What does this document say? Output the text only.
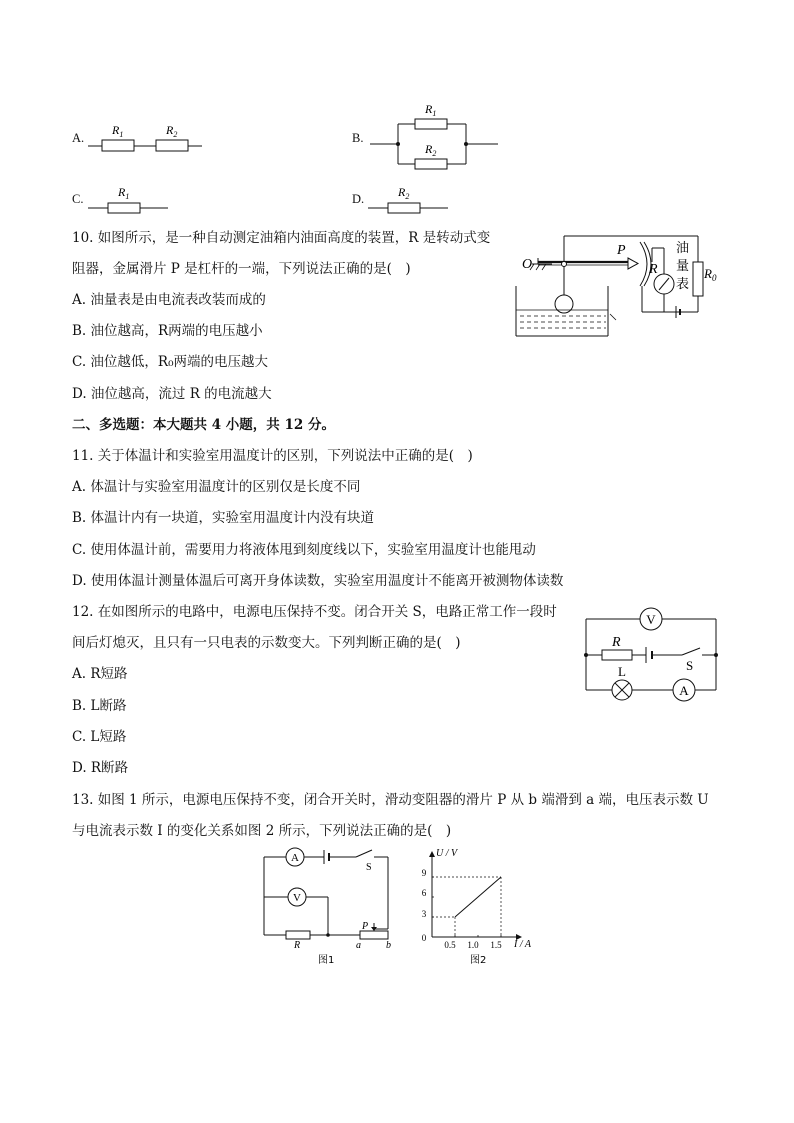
A.
$R_1$	$R_2$	B.
$R_1$
$R_2$
C.	$R_1$	D.	$R_2$
10. 如图所示，是一种自动测定油箱内油面高度的装置，R 是转动式变
阻器，金属滑片 P 是杠杆的一端，下列说法正确的是(　)
A. 油量表是由电流表改装而成的
B. 油位越高，R两端的电压越小
C. 油位越低，R₀两端的电压越大
D. 油位越高，流过 R 的电流越大
O
P
R
油
量
表
$R_0$
二、多选题：本大题共 4 小题，共 12 分。
11. 关于体温计和实验室用温度计的区别，下列说法中正确的是(　)
A. 体温计与实验室用温度计的区别仅是长度不同
B. 体温计内有一块道，实验室用温度计内没有块道
C. 使用体温计前，需要用力将液体甩到刻度线以下，实验室用温度计也能甩动
D. 使用体温计测量体温后可离开身体读数，实验室用温度计不能离开被测物体读数
12. 在如图所示的电路中，电源电压保持不变。闭合开关 S，电路正常工作一段时
间后灯熄灭，且只有一只电表的示数变大。下列判断正确的是(　)
A. R短路
B. L断路
C. L短路
D. R断路
V
R
S
L
A
13. 如图 1 所示，电源电压保持不变，闭合开关时，滑动变阻器的滑片 P 从 b 端滑到 a 端，电压表示数 U
与电流表示数 I 的变化关系如图 2 所示，下列说法正确的是(　)
A
S
V
R
P
a	b
图1
U / V
I / A
9
6
3
0
0.5 1.0 1.5
图2
